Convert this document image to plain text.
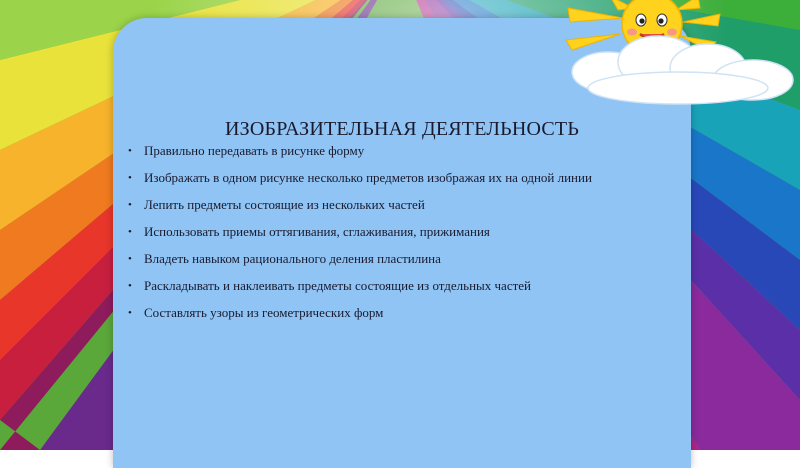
ИЗОБРАЗИТЕЛЬНАЯ ДЕЯТЕЛЬНОСТЬ
• Правильно передавать в рисунке форму
• Изображать в одном рисунке несколько предметов изображая их на одной линии
• Лепить предметы состоящие из нескольких частей
• Использовать приемы оттягивания, сглаживания, прижимания
• Владеть навыком рационального деления пластилина
• Раскладывать и наклеивать предметы состоящие из отдельных частей
• Составлять узоры из геометрических форм
